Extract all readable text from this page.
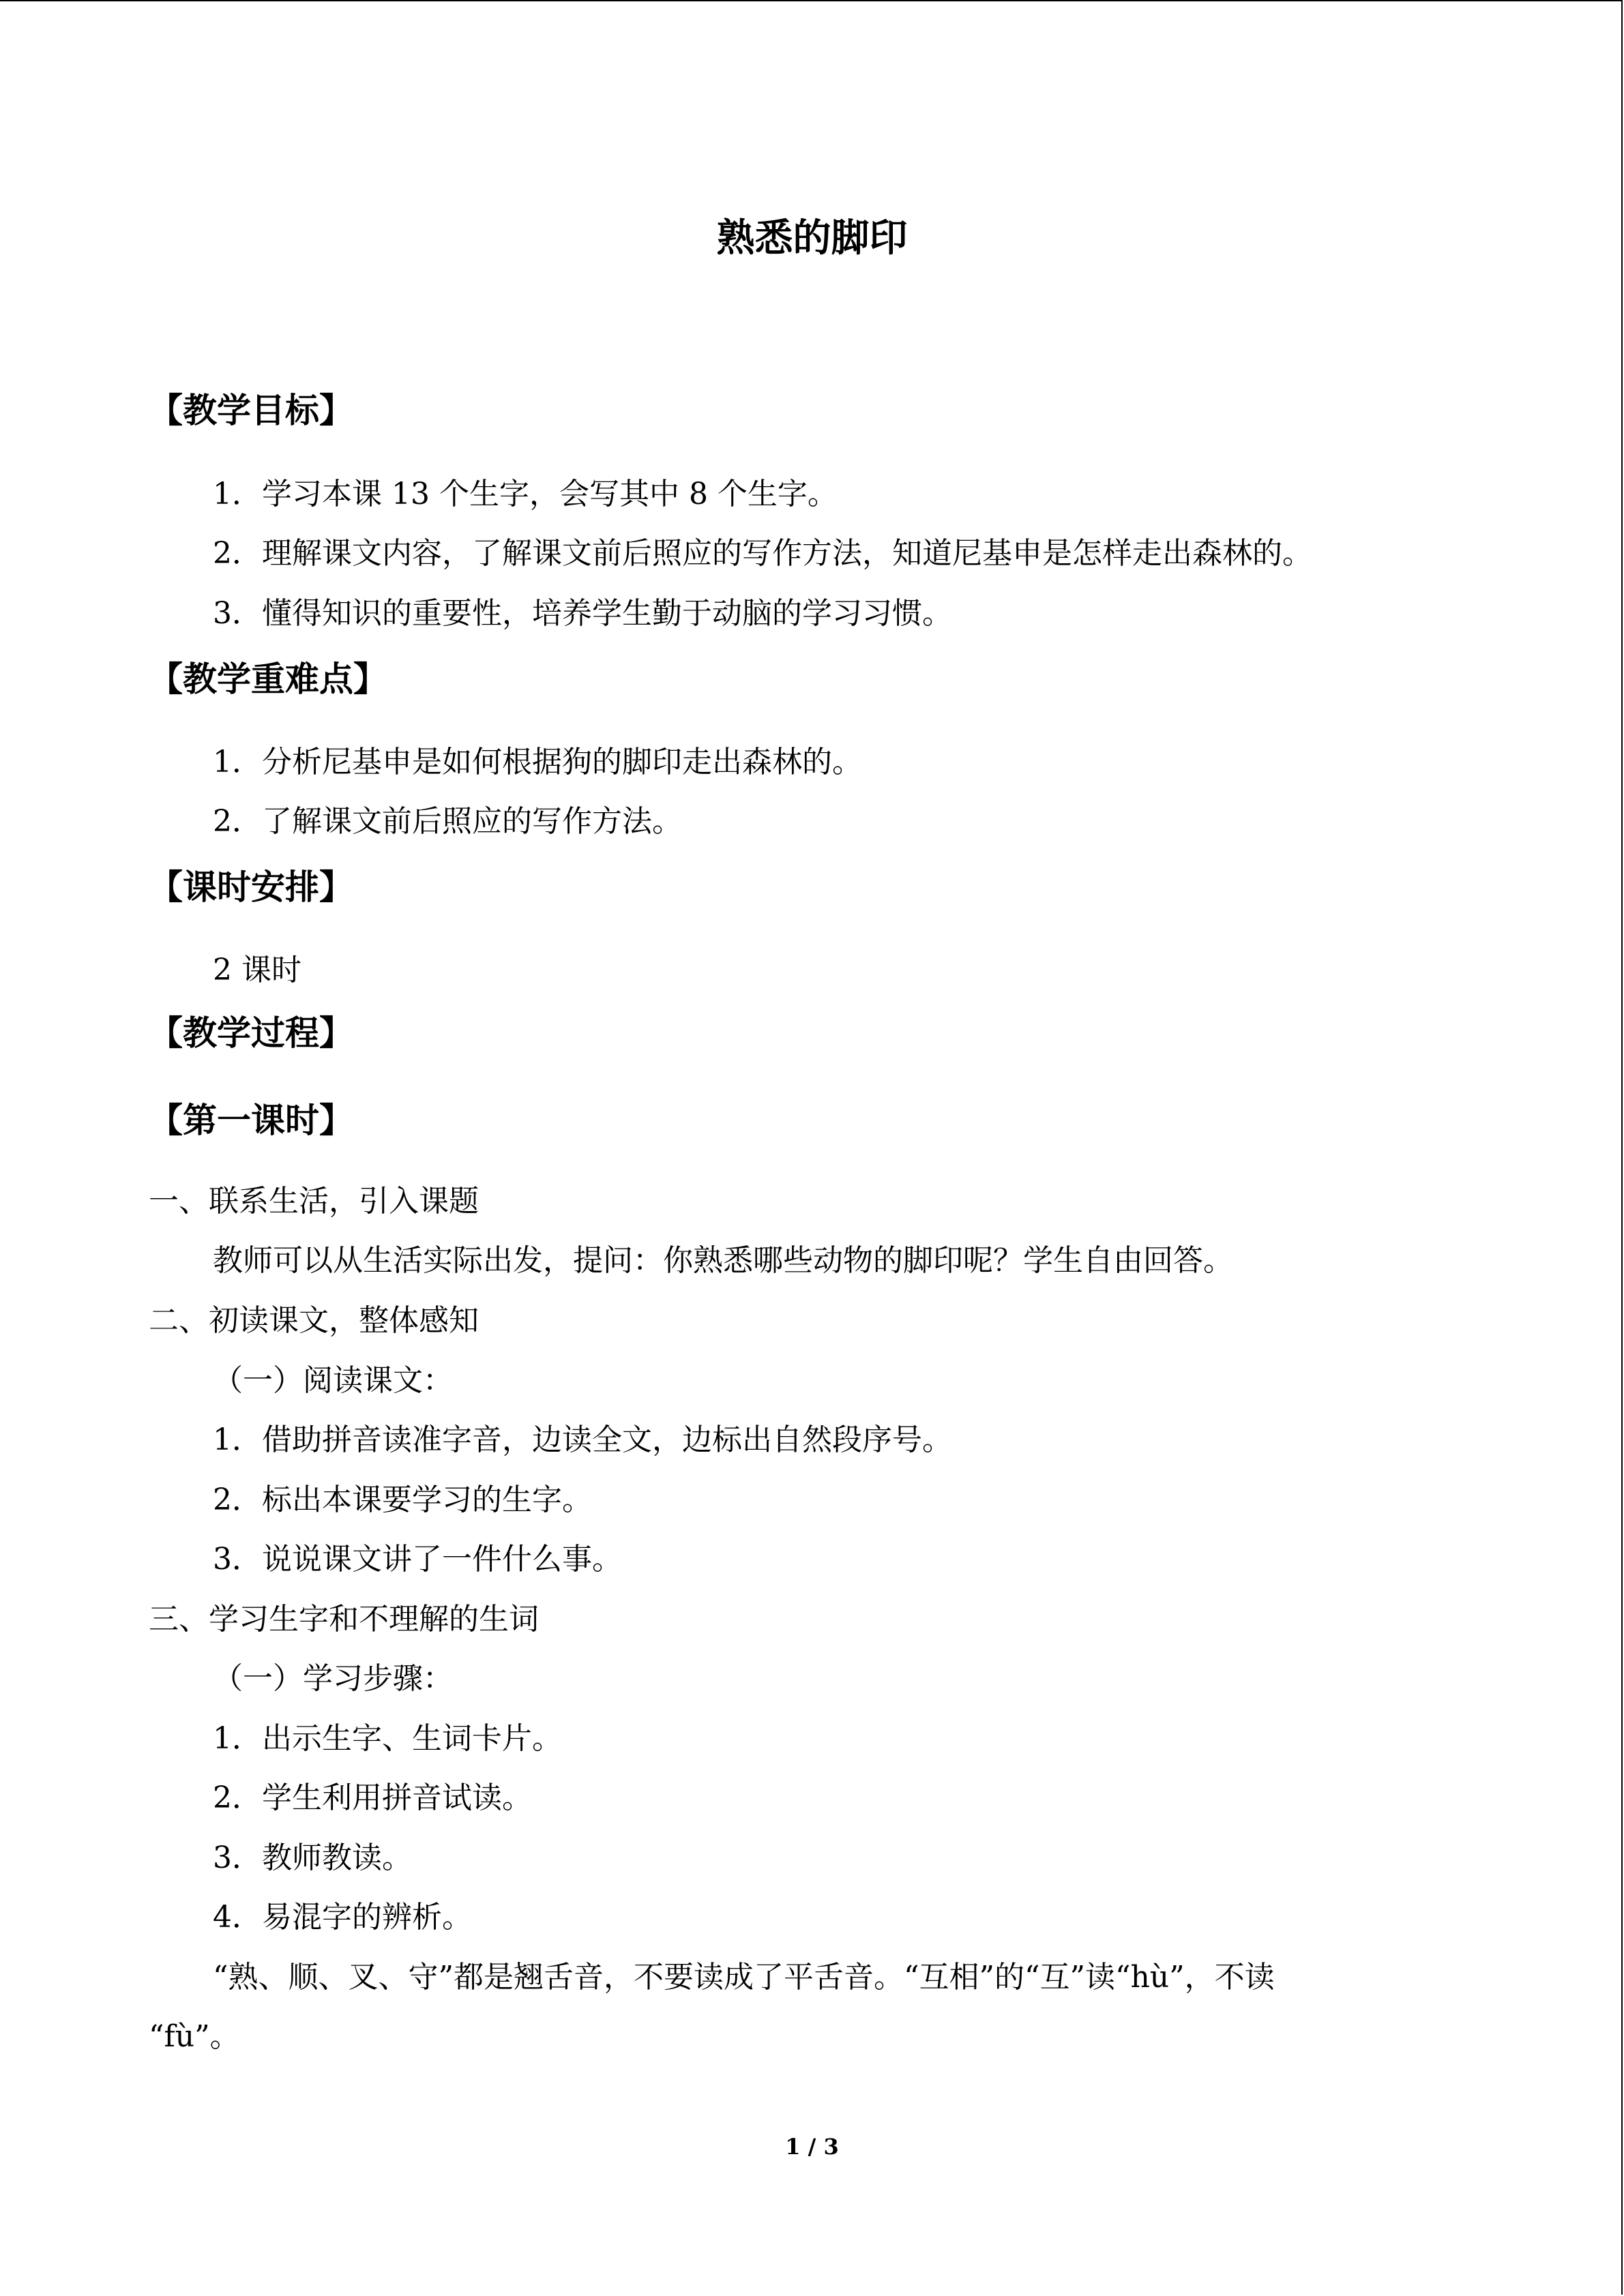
熟悉的脚印
【教学目标】
1．学习本课 13 个生字，会写其中 8 个生字。
2．理解课文内容，了解课文前后照应的写作方法，知道尼基申是怎样走出森林的。
3．懂得知识的重要性，培养学生勤于动脑的学习习惯。
【教学重难点】
1．分析尼基申是如何根据狗的脚印走出森林的。
2．了解课文前后照应的写作方法。
【课时安排】
2 课时
【教学过程】
【第一课时】
一、联系生活，引入课题
教师可以从生活实际出发，提问：你熟悉哪些动物的脚印呢？学生自由回答。
二、初读课文，整体感知
（一）阅读课文：
1．借助拼音读准字音，边读全文，边标出自然段序号。
2．标出本课要学习的生字。
3．说说课文讲了一件什么事。
三、学习生字和不理解的生词
（一）学习步骤：
1．出示生字、生词卡片。
2．学生利用拼音试读。
3．教师教读。
4．易混字的辨析。
“熟、顺、叉、守”都是翘舌音，不要读成了平舌音。“互相”的“互”读“hù”，不读
“fù”。
1 / 3
